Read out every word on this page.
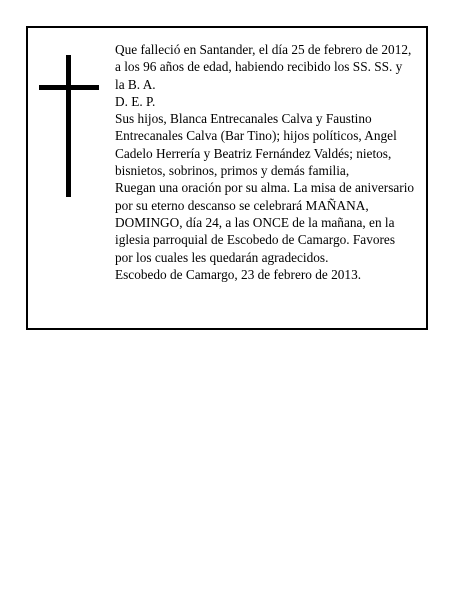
Que falleció en Santander, el día 25 de febrero de 2012,
a los 96 años de edad, habiendo recibido los SS. SS. y
la B. A.
D. E. P.
Sus hijos, Blanca Entrecanales Calva y Faustino
Entrecanales Calva (Bar Tino); hijos políticos, Angel
Cadelo Herrería y Beatriz Fernández Valdés; nietos,
bisnietos, sobrinos, primos y demás familia,
Ruegan una oración por su alma. La misa de aniversario
por su eterno descanso se celebrará MAÑANA,
DOMINGO, día 24, a las ONCE de la mañana, en la
iglesia parroquial de Escobedo de Camargo. Favores
por los cuales les quedarán agradecidos.
Escobedo de Camargo, 23 de febrero de 2013.
